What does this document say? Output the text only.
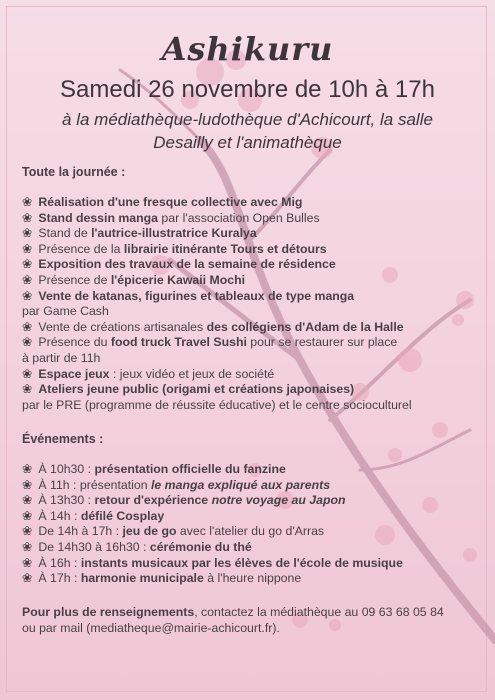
Ashikuru
Samedi 26 novembre de 10h à 17h
à la médiathèque-ludothèque d'Achicourt, la salle
Desailly et l'animathèque
Toute la journée :
❀ Réalisation d'une fresque collective avec Mig
❀ Stand dessin manga par l'association Open Bulles
❀ Stand de l'autrice-illustratrice Kuralya
❀ Présence de la librairie itinérante Tours et détours
❀ Exposition des travaux de la semaine de résidence
❀ Présence de l'épicerie Kawaii Mochi
❀ Vente de katanas, figurines et tableaux de type manga
par Game Cash
❀ Vente de créations artisanales des collégiens d'Adam de la Halle
❀ Présence du food truck Travel Sushi pour se restaurer sur place
à partir de 11h
❀ Espace jeux : jeux vidéo et jeux de société
❀ Ateliers jeune public (origami et créations japonaises)
par le PRE (programme de réussite éducative) et le centre socioculturel
Événements :
❀ À 10h30 : présentation officielle du fanzine
❀ À 11h : présentation le manga expliqué aux parents
❀ À 13h30 : retour d'expérience notre voyage au Japon
❀ À 14h : défilé Cosplay
❀ De 14h à 17h : jeu de go avec l'atelier du go d'Arras
❀ De 14h30 à 16h30 : cérémonie du thé
❀ À 16h : instants musicaux par les élèves de l'école de musique
❀ À 17h : harmonie municipale à l'heure nippone
Pour plus de renseignements, contactez la médiathèque au 09 63 68 05 84
ou par mail (mediatheque@mairie-achicourt.fr).
